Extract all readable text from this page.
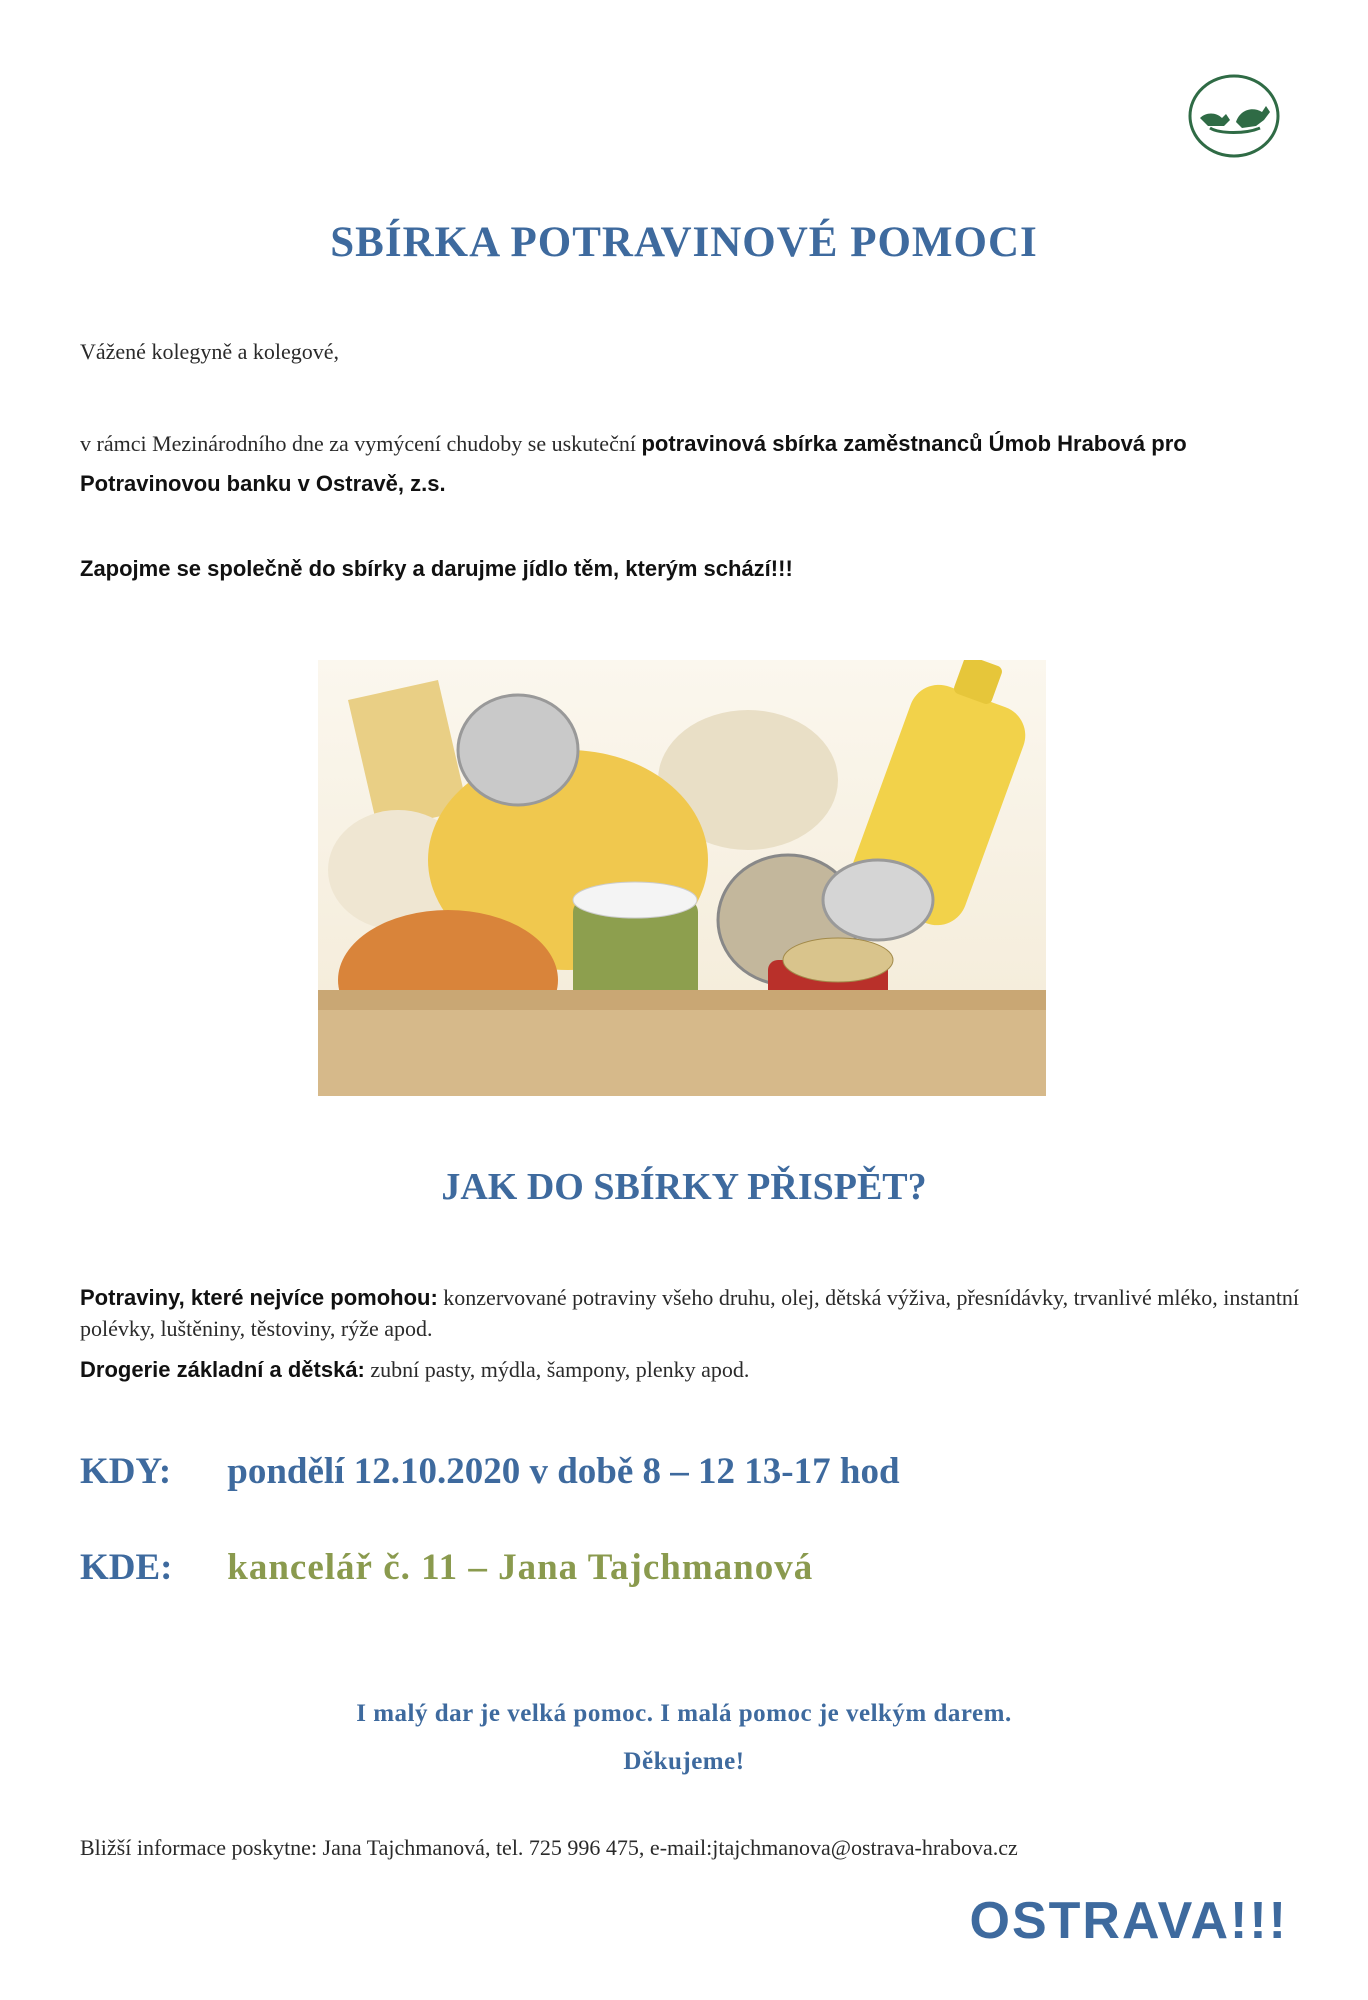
SBÍRKA POTRAVINOVÉ POMOCI
Vážené kolegyně a kolegové,
v rámci Mezinárodního dne za vymýcení chudoby se uskuteční potravinová sbírka zaměstnanců Úmob Hrabová pro Potravinovou banku v Ostravě, z.s.
Zapojme se společně do sbírky a darujme jídlo těm, kterým schází!!!
JAK DO SBÍRKY PŘISPĚT?
Potraviny, které nejvíce pomohou: konzervované potraviny všeho druhu, olej, dětská výživa, přesnídávky, trvanlivé mléko, instantní polévky, luštěniny, těstoviny, rýže apod.
Drogerie základní a dětská: zubní pasty, mýdla, šampony, plenky apod.
KDY: pondělí 12.10.2020 v době 8 – 12 13-17 hod
KDE: kancelář č. 11 – Jana Tajchmanová
I malý dar je velká pomoc. I malá pomoc je velkým darem.
Děkujeme!
Bližší informace poskytne: Jana Tajchmanová, tel. 725 996 475, e-mail:jtajchmanova@ostrava-hrabova.cz
OSTRAVA!!!
